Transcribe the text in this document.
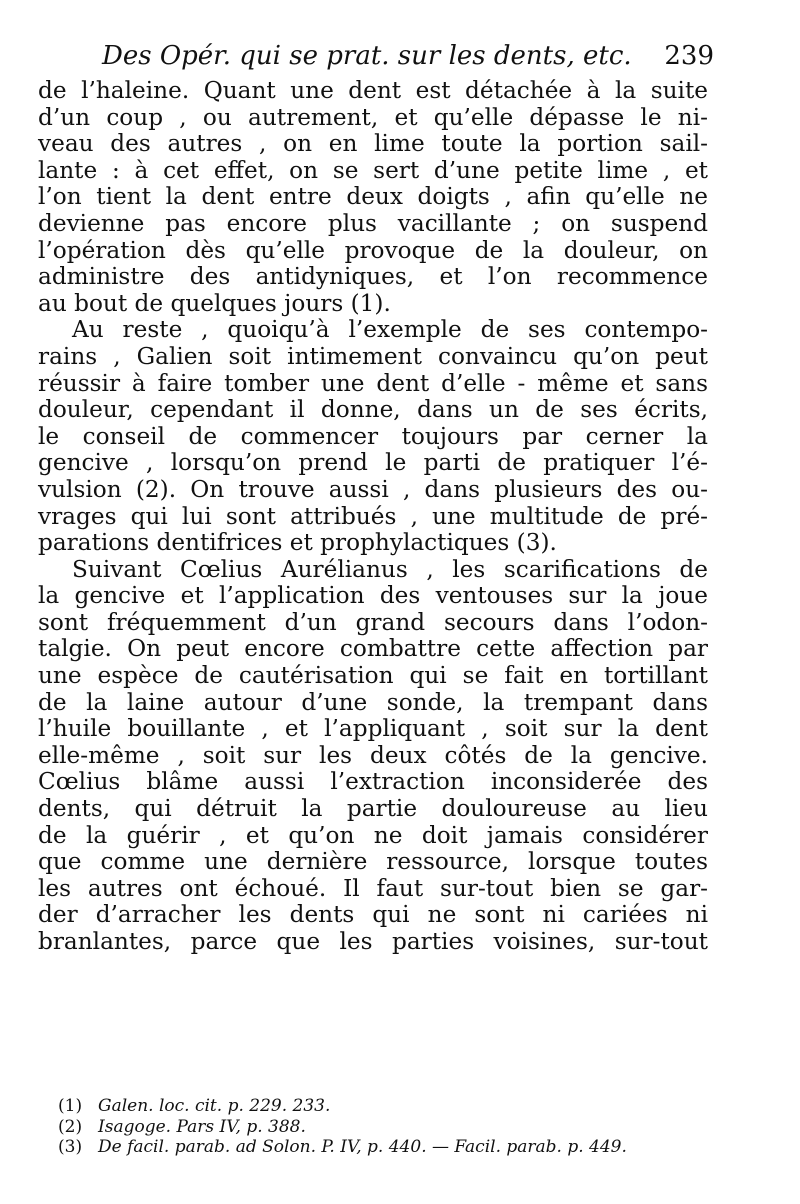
Des Opér. qui se prat. sur les dents, etc. 239
de l’haleine. Quant une dent est détachée à la suite
d’un coup , ou autrement, et qu’elle dépasse le ni-
veau des autres , on en lime toute la portion sail-
lante : à cet effet, on se sert d’une petite lime , et
l’on tient la dent entre deux doigts , afin qu’elle ne
devienne pas encore plus vacillante ; on suspend
l’opération dès qu’elle provoque de la douleur, on
administre des antidyniques, et l’on recommence
au bout de quelques jours (1).
Au reste , quoiqu’à l’exemple de ses contempo-
rains , Galien soit intimement convaincu qu’on peut
réussir à faire tomber une dent d’elle - même et sans
douleur, cependant il donne, dans un de ses écrits,
le conseil de commencer toujours par cerner la
gencive , lorsqu’on prend le parti de pratiquer l’é-
vulsion (2). On trouve aussi , dans plusieurs des ou-
vrages qui lui sont attribués , une multitude de pré-
parations dentifrices et prophylactiques (3).
Suivant Cœlius Aurélianus , les scarifications de
la gencive et l’application des ventouses sur la joue
sont fréquemment d’un grand secours dans l’odon-
talgie. On peut encore combattre cette affection par
une espèce de cautérisation qui se fait en tortillant
de la laine autour d’une sonde, la trempant dans
l’huile bouillante , et l’appliquant , soit sur la dent
elle-même , soit sur les deux côtés de la gencive.
Cœlius blâme aussi l’extraction inconsiderée des
dents, qui détruit la partie douloureuse au lieu
de la guérir , et qu’on ne doit jamais considérer
que comme une dernière ressource, lorsque toutes
les autres ont échoué. Il faut sur-tout bien se gar-
der d’arracher les dents qui ne sont ni cariées ni
branlantes, parce que les parties voisines, sur-tout
(1) Galen. loc. cit. p. 229. 233.
(2) Isagoge. Pars IV, p. 388.
(3) De facil. parab. ad Solon. P. IV, p. 440. — Facil. parab. p. 449.
